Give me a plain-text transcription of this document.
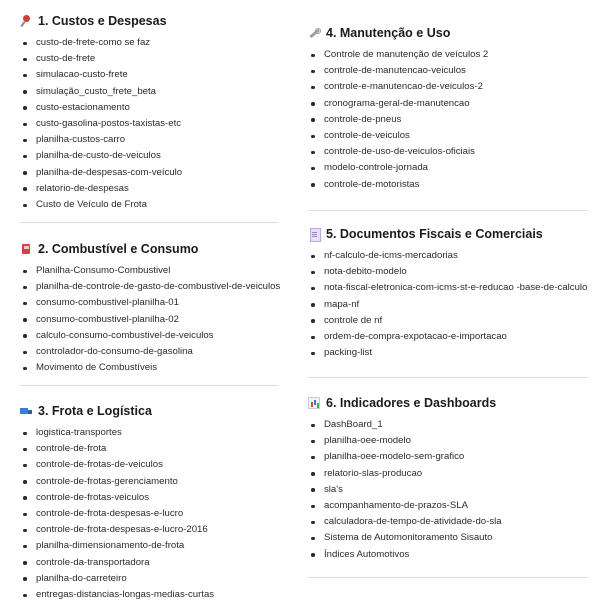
1. Custos e Despesas
custo-de-frete-como se faz
custo-de-frete
simulacao-custo-frete
simulação_custo_frete_beta
custo-estacionamento
custo-gasolina-postos-taxistas-etc
planilha-custos-carro
planilha-de-custo-de-veiculos
planilha-de-despesas-com-veículo
relatorio-de-despesas
Custo de Veículo de Frota
2. Combustível e Consumo
Planilha-Consumo-Combustivel
planilha-de-controle-de-gasto-de-combustivel-de-veiculos
consumo-combustivel-planilha-01
consumo-combustivel-planilha-02
calculo-consumo-combustivel-de-veiculos
controlador-do-consumo-de-gasolina
Movimento de Combustíveis
3. Frota e Logística
logistica-transportes
controle-de-frota
controle-de-frotas-de-veiculos
controle-de-frotas-gerenciamento
controle-de-frotas-veiculos
controle-de-frota-despesas-e-lucro
controle-de-frota-despesas-e-lucro-2016
planilha-dimensionamento-de-frota
controle-da-transportadora
planilha-do-carreteiro
entregas-distancias-longas-medias-curtas
4. Manutenção e Uso
Controle de manutenção de veículos 2
controle-de-manutencao-veiculos
controle-e-manutencao-de-veiculos-2
cronograma-geral-de-manutencao
controle-de-pneus
controle-de-veiculos
controle-de-uso-de-veiculos-oficiais
modelo-controle-jornada
controle-de-motoristas
5. Documentos Fiscais e Comerciais
nf-calculo-de-icms-mercadorias
nota-debito-modelo
nota-fiscal-eletronica-com-icms-st-e-reducao -base-de-calculo
mapa-nf
controle de nf
ordem-de-compra-expotacao-e-importacao
packing-list
6. Indicadores e Dashboards
DashBoard_1
planilha-oee-modelo
planilha-oee-modelo-sem-grafico
relatorio-slas-producao
sla's
acompanhamento-de-prazos-SLA
calculadora-de-tempo-de-atividade-do-sla
Sistema de Automonitoramento Sisauto
Índices Automotivos
